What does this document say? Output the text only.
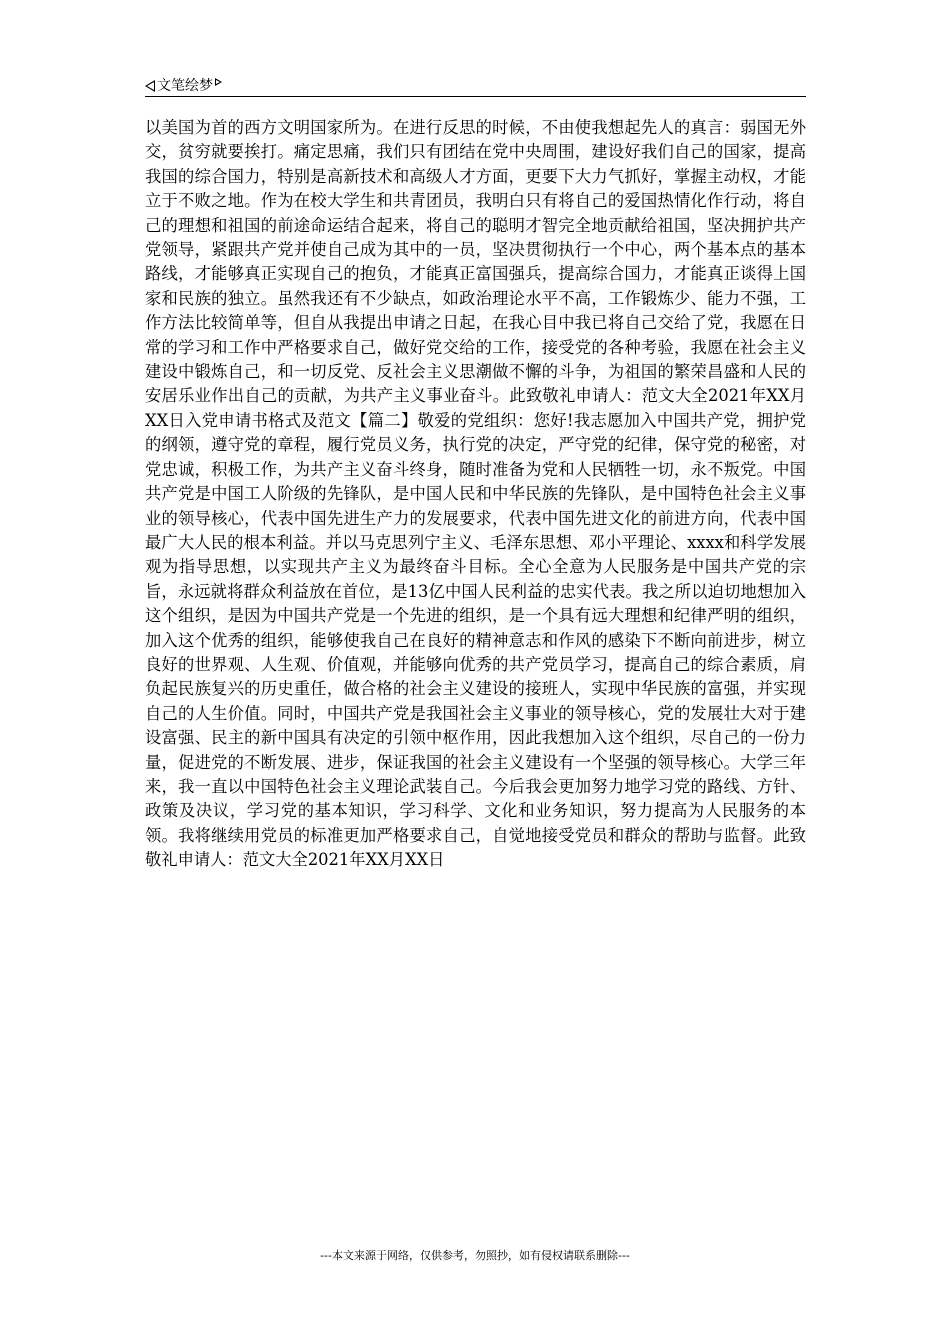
文笔绘梦

以美国为首的西方文明国家所为。在进行反思的时候，不由使我想起先人的真言：弱国无外交，贫穷就要挨打。痛定思痛，我们只有团结在党中央周围，建设好我们自己的国家，提高我国的综合国力，特别是高新技术和高级人才方面，更要下大力气抓好，掌握主动权，才能立于不败之地。作为在校大学生和共青团员，我明白只有将自己的爱国热情化作行动，将自己的理想和祖国的前途命运结合起来，将自己的聪明才智完全地贡献给祖国，坚决拥护共产党领导，紧跟共产党并使自己成为其中的一员，坚决贯彻执行一个中心，两个基本点的基本路线，才能够真正实现自己的抱负，才能真正富国强兵，提高综合国力，才能真正谈得上国家和民族的独立。虽然我还有不少缺点，如政治理论水平不高，工作锻炼少、能力不强，工作方法比较简单等，但自从我提出申请之日起，在我心目中我已将自己交给了党，我愿在日常的学习和工作中严格要求自己，做好党交给的工作，接受党的各种考验，我愿在社会主义建设中锻炼自己，和一切反党、反社会主义思潮做不懈的斗争，为祖国的繁荣昌盛和人民的安居乐业作出自己的贡献，为共产主义事业奋斗。此致敬礼申请人：范文大全2021年XX月XX日入党申请书格式及范文【篇二】敬爱的党组织：您好!我志愿加入中国共产党，拥护党的纲领，遵守党的章程，履行党员义务，执行党的决定，严守党的纪律，保守党的秘密，对党忠诚，积极工作，为共产主义奋斗终身，随时准备为党和人民牺牲一切，永不叛党。中国共产党是中国工人阶级的先锋队，是中国人民和中华民族的先锋队，是中国特色社会主义事业的领导核心，代表中国先进生产力的发展要求，代表中国先进文化的前进方向，代表中国最广大人民的根本利益。并以马克思列宁主义、毛泽东思想、邓小平理论、xxxx和科学发展观为指导思想，以实现共产主义为最终奋斗目标。全心全意为人民服务是中国共产党的宗旨，永远就将群众利益放在首位，是13亿中国人民利益的忠实代表。我之所以迫切地想加入这个组织，是因为中国共产党是一个先进的组织，是一个具有远大理想和纪律严明的组织，加入这个优秀的组织，能够使我自己在良好的精神意志和作风的感染下不断向前进步，树立良好的世界观、人生观、价值观，并能够向优秀的共产党员学习，提高自己的综合素质，肩负起民族复兴的历史重任，做合格的社会主义建设的接班人，实现中华民族的富强，并实现自己的人生价值。同时，中国共产党是我国社会主义事业的领导核心，党的发展壮大对于建设富强、民主的新中国具有决定的引领中枢作用，因此我想加入这个组织，尽自己的一份力量，促进党的不断发展、进步，保证我国的社会主义建设有一个坚强的领导核心。大学三年来，我一直以中国特色社会主义理论武装自己。今后我会更加努力地学习党的路线、方针、政策及决议，学习党的基本知识，学习科学、文化和业务知识，努力提高为人民服务的本领。我将继续用党员的标准更加严格要求自己，自觉地接受党员和群众的帮助与监督。此致敬礼申请人：范文大全2021年XX月XX日

---本文来源于网络，仅供参考，勿照抄，如有侵权请联系删除---
